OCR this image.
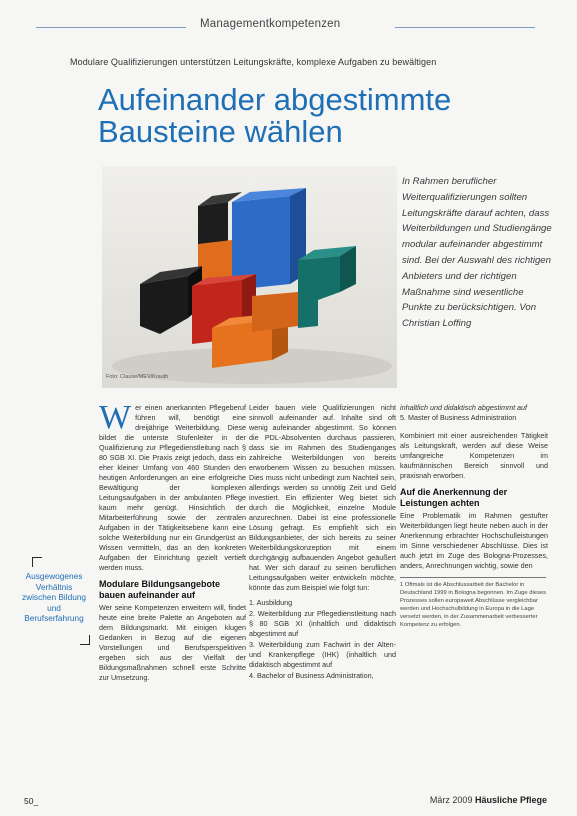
Managementkompetenzen
Modulare Qualifizierungen unterstützen Leitungskräfte, komplexe Aufgaben zu bewältigen
Aufeinander abgestimmte Bausteine wählen
Foto: Clause/MEV/Krauth
In Rahmen beruflicher Weiterqualifizierungen sollten Leitungskräfte darauf achten, dass Weiterbildungen und Studiengänge modular aufeinander abgestimmt sind. Bei der Auswahl des richtigen Anbieters und der richtigen Maßnahme sind wesentliche Punkte zu berücksichtigen. Von Christian Loffing
Ausgewogenes Verhältnis zwischen Bildung und Berufserfahrung
W er einen anerkannten Pflegeberuf führen will, benötigt eine dreijährige Weiterbildung. Diese bildet die unterste Stufenleiter in der Qualifizierung zur Pflegedienstleitung nach § 80 SGB XI. Die Praxis zeigt jedoch, dass ein eher kleiner Umfang von 460 Stunden den heutigen Anforderungen an eine erfolgreiche Bewältigung der komplexen Leitungsaufgaben in der ambulanten Pflege kaum mehr genügt. Hinsichtlich der Mitarbeiterführung sowie der zentralen Aufgaben in der Tätigkeitsebene kann eine solche Weiterbildung nur ein Grundgerüst an Wissen vermitteln, das an den konkreten Aufgaben der Einrichtung gezielt vertieft werden muss.

Modulare Bildungsangebote bauen aufeinander auf

Wer seine Kompetenzen erweitern will, findet heute eine breite Palette an Angeboten auf dem Bildungsmarkt. Mit einigen klugen Gedanken in Bezug auf die eigenen Vorstellungen und Berufsperspektiven ergeben sich aus der Vielfalt der Bildungsmaßnahmen schnell erste Schritte zur Umsetzung.

Leider bauen viele Qualifizierungen nicht sinnvoll aufeinander auf. Inhalte sind oft wenig aufeinander abgestimmt. So können die PDL-Absolventen durchaus passieren, dass sie im Rahmen des Studienganges zahlreiche Weiterbildungen von bereits erworbenem Wissen zu besuchen müssen. Dies muss nicht unbedingt zum Nachteil sein, allerdings werden so unnötig Zeit und Geld investiert. Ein effizienter Weg bietet sich durch die Möglichkeit, einzelne Module anzurechnen. Dabei ist eine professionelle Lösung gefragt. Es empfiehlt sich ein Bildungsanbieter, der sich bereits zu seiner Weiterbildungskonzeption mit einem durchgängig aufbauenden Angebot geäußert hat. Wer sich darauf zu seinen beruflichen Leitungsaufgaben weiter entwickeln möchte, könnte das zum Beispiel wie folgt tun:

1. Ausbildung
2. Weiterbildung zur Pflegedienstleitung nach § 80 SGB XI (inhaltlich und didaktisch abgestimmt auf
3. Weiterbildung zum Fachwirt in der Alten- und Krankenpflege (IHK) (inhaltlich und didaktisch abgestimmt auf
4. Bachelor of Business Administration,

inhaltlich und didaktisch abgestimmt auf

5. Master of Business Administration

Kombiniert mit einer ausreichenden Tätigkeit als Leitungskraft, werden auf diese Weise umfangreiche Kompetenzen im kaufmännischen Bereich sinnvoll und praxisnah erworben.

Auf die Anerkennung der Leistungen achten

Eine Problematik im Rahmen gestufter Weiterbildungen liegt heute neben auch in der Anerkennung erbrachter Hochschulleistungen im Sinne verschiedener Abschlüsse. Dies ist auch jetzt im Zuge des Bologna-Prozesses, anders, Anrechnungen wichtig, sowie den

1 Oftmals ist die Abschlussarbeit der Bachelor in Deutschland 1999 in Bologna begonnen. Im Zuge dieses Prozesses sollen europaweit Abschlüsse vergleichbar werden und Hochschulbildung in Europa in die Lage versetzt werden, in der Zusammenarbeit verbesserter Kompetenz zu erfolgen.

50_	März 2009 Häusliche Pflege
